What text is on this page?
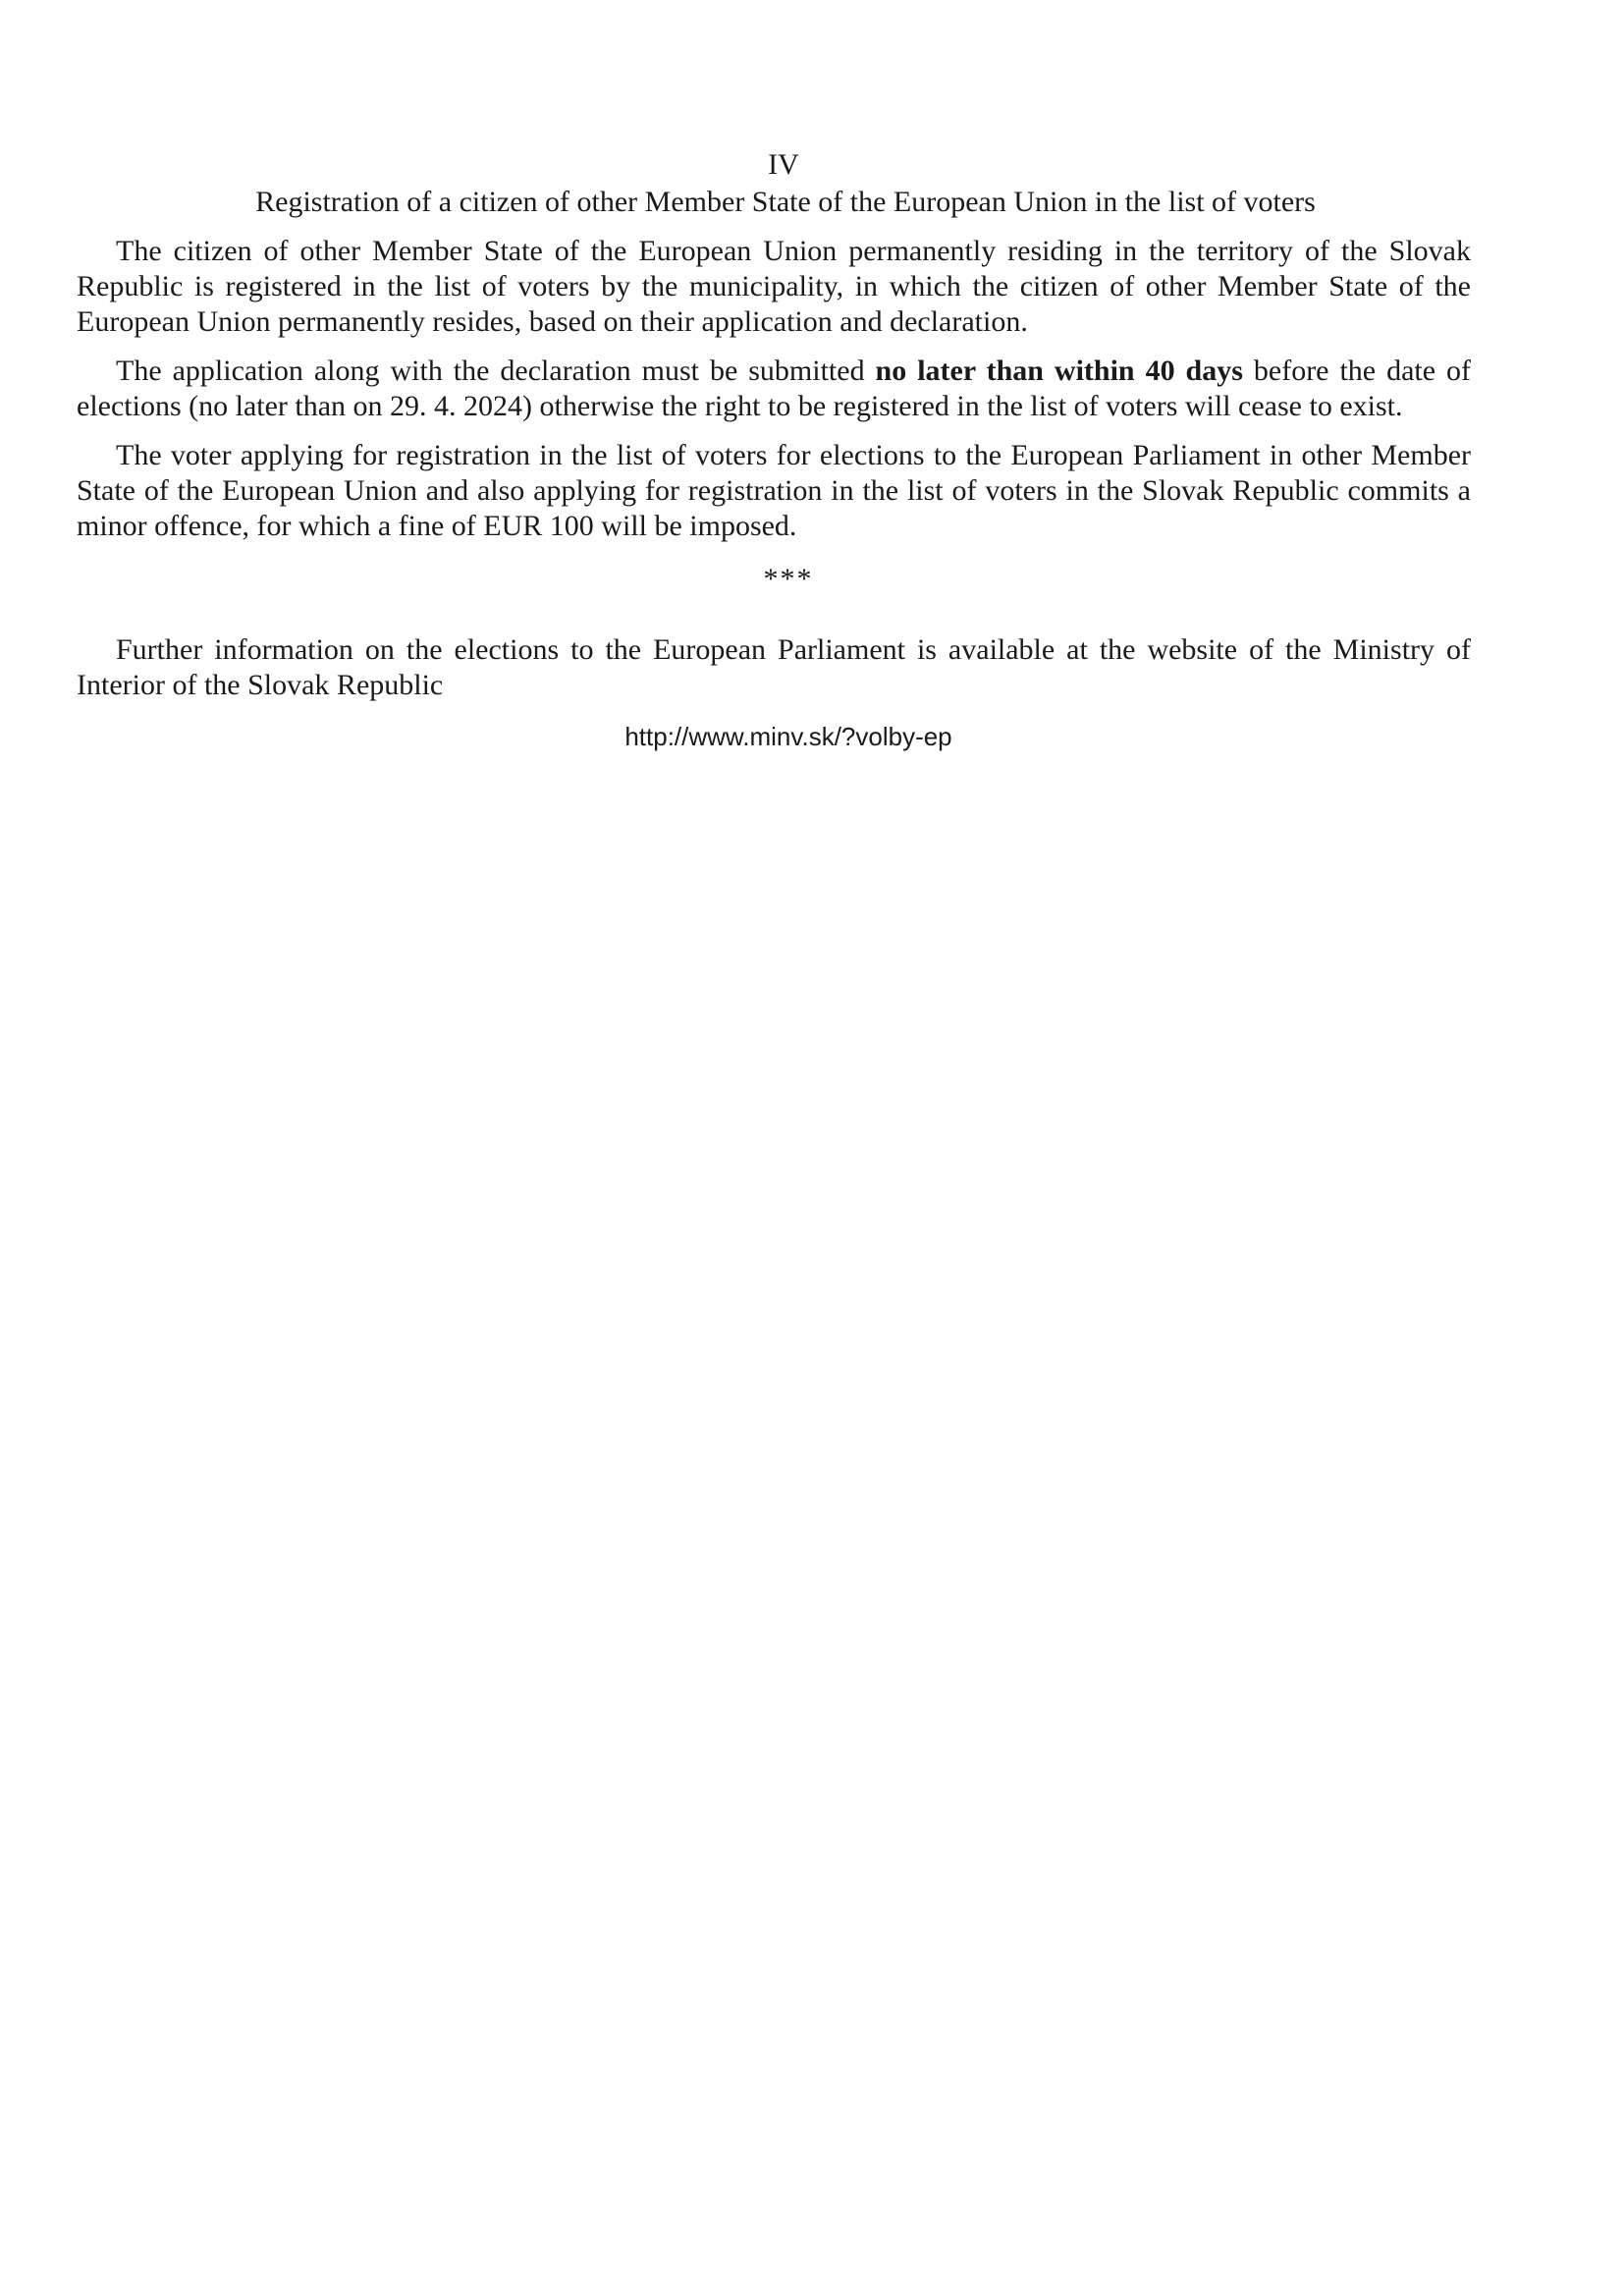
IV

Registration of a citizen of other Member State of the European Union in the list of voters

The citizen of other Member State of the European Union permanently residing in the territory of the Slovak Republic is registered in the list of voters by the municipality, in which the citizen of other Member State of the European Union permanently resides, based on their application and declaration.

The application along with the declaration must be submitted no later than within 40 days before the date of elections (no later than on 29. 4. 2024) otherwise the right to be registered in the list of voters will cease to exist.

The voter applying for registration in the list of voters for elections to the European Parliament in other Member State of the European Union and also applying for registration in the list of voters in the Slovak Republic commits a minor offence, for which a fine of EUR 100 will be imposed.

***

Further information on the elections to the European Parliament is available at the website of the Ministry of Interior of the Slovak Republic

http://www.minv.sk/?volby-ep
